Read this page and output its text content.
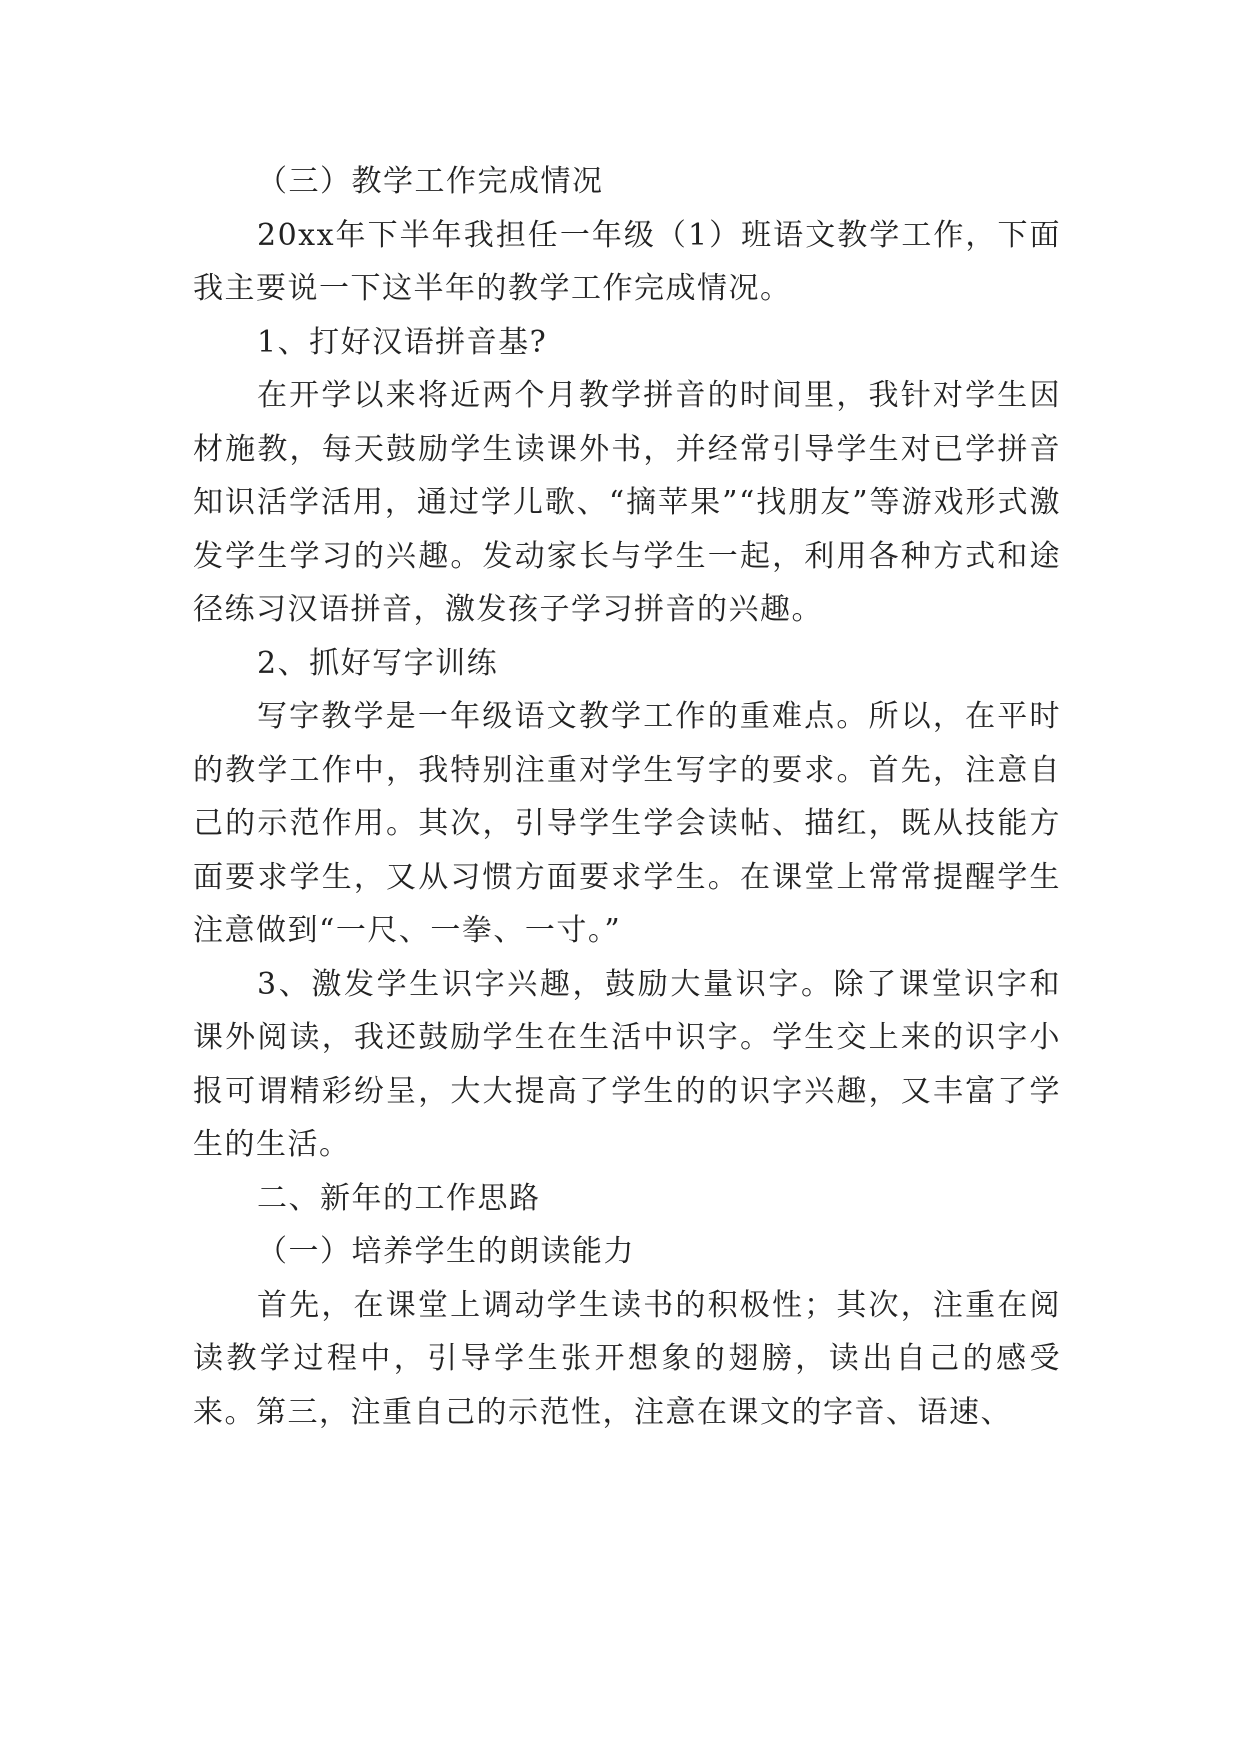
（三）教学工作完成情况

20xx年下半年我担任一年级（1）班语文教学工作，下面我主要说一下这半年的教学工作完成情况。

1、打好汉语拼音基?

在开学以来将近两个月教学拼音的时间里，我针对学生因材施教，每天鼓励学生读课外书，并经常引导学生对已学拼音知识活学活用，通过学儿歌、“摘苹果”“找朋友”等游戏形式激发学生学习的兴趣。发动家长与学生一起，利用各种方式和途径练习汉语拼音，激发孩子学习拼音的兴趣。

2、抓好写字训练

写字教学是一年级语文教学工作的重难点。所以，在平时的教学工作中，我特别注重对学生写字的要求。首先，注意自己的示范作用。其次，引导学生学会读帖、描红，既从技能方面要求学生，又从习惯方面要求学生。在课堂上常常提醒学生注意做到“一尺、一拳、一寸。”

3、激发学生识字兴趣，鼓励大量识字。除了课堂识字和课外阅读，我还鼓励学生在生活中识字。学生交上来的识字小报可谓精彩纷呈，大大提高了学生的的识字兴趣，又丰富了学生的生活。

二、新年的工作思路

（一）培养学生的朗读能力

首先，在课堂上调动学生读书的积极性；其次，注重在阅读教学过程中，引导学生张开想象的翅膀，读出自己的感受来。第三，注重自己的示范性，注意在课文的字音、语速、
